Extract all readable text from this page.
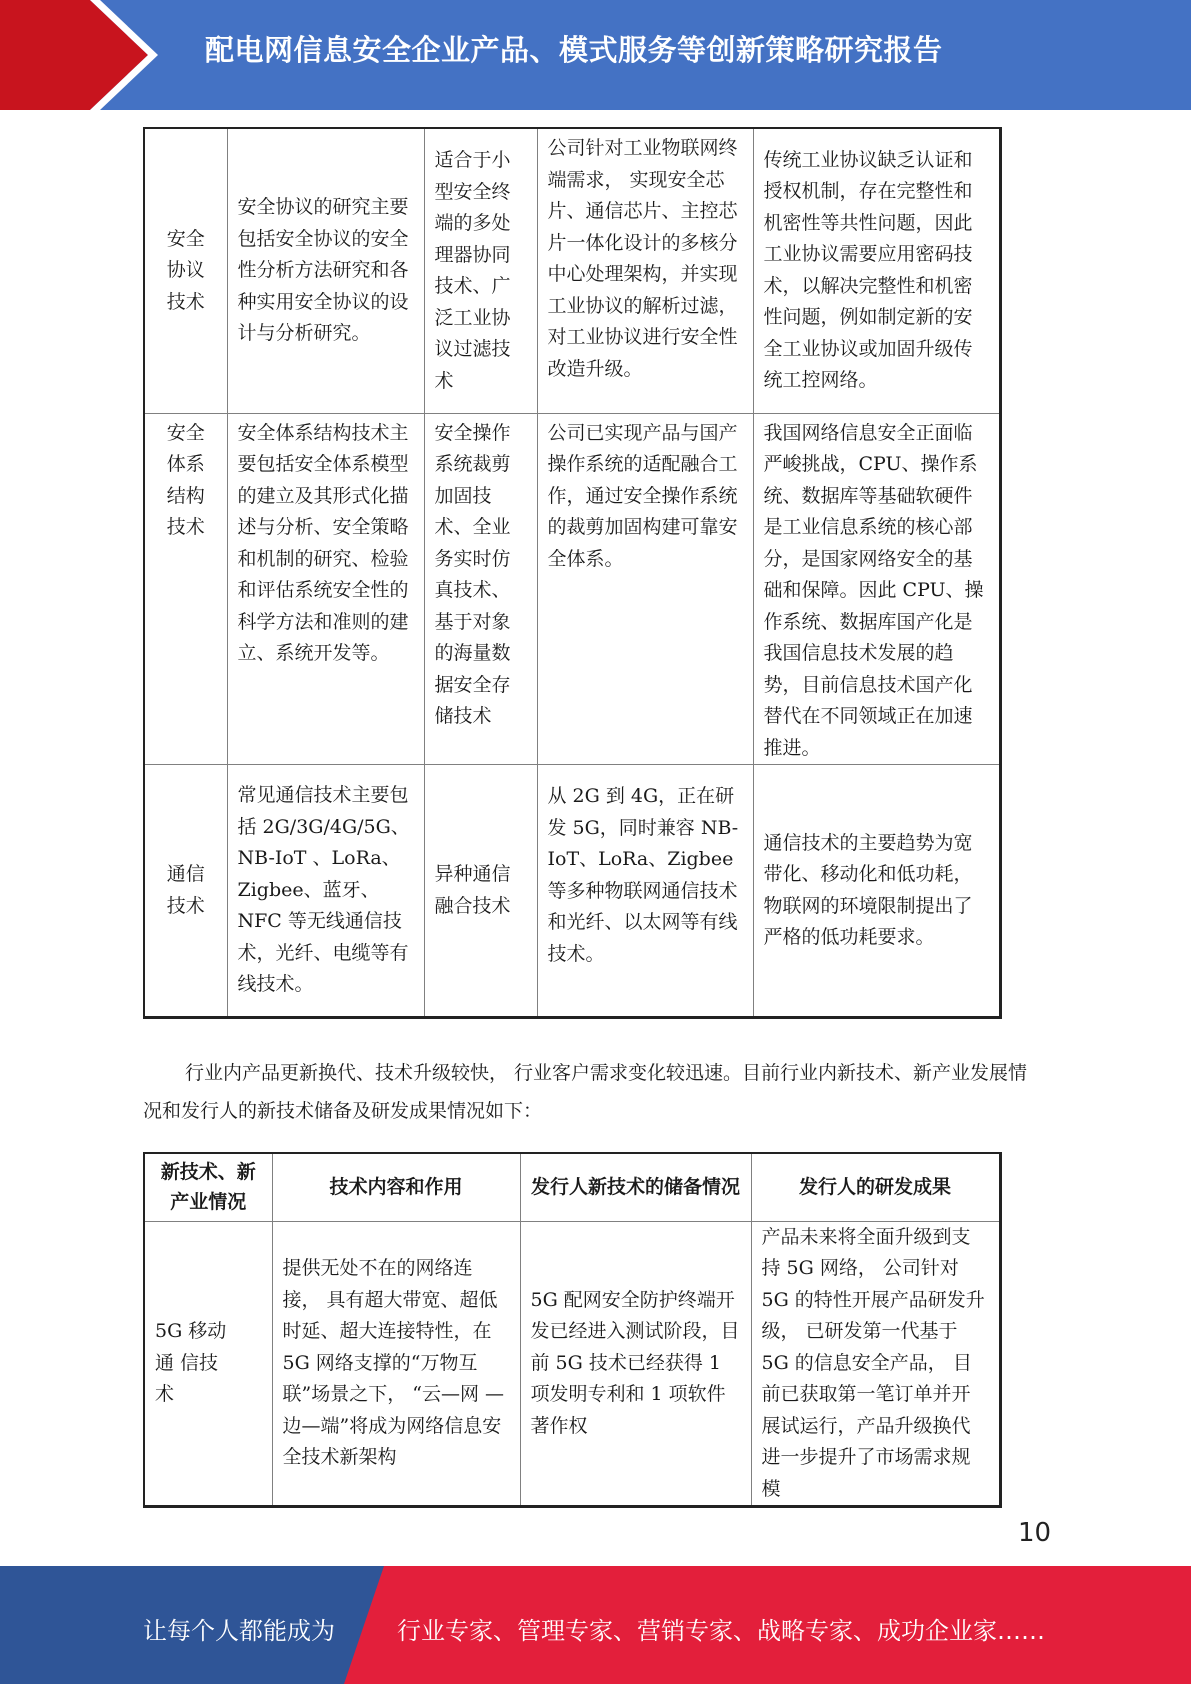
配电网信息安全企业产品、模式服务等创新策略研究报告
安全
协议
技术	安全协议的研究主要包括安全协议的安全性分析方法研究和各种实用安全协议的设计与分析研究。	适合于小型安全终端的多处理器协同技术、广泛工业协议过滤技术	公司针对工业物联网终端需求， 实现安全芯片、通信芯片、主控芯片一体化设计的多核分中心处理架构，并实现工业协议的解析过滤，对工业协议进行安全性改造升级。	传统工业协议缺乏认证和授权机制，存在完整性和机密性等共性问题，因此工业协议需要应用密码技术，以解决完整性和机密性问题，例如制定新的安全工业协议或加固升级传统工控网络。
安全
体系
结构
技术	安全体系结构技术主要包括安全体系模型的建立及其形式化描述与分析、安全策略和机制的研究、检验和评估系统安全性的科学方法和准则的建立、系统开发等。	安全操作系统裁剪加固技术、全业务实时仿真技术、基于对象的海量数据安全存储技术	公司已实现产品与国产操作系统的适配融合工作，通过安全操作系统的裁剪加固构建可靠安全体系。	我国网络信息安全正面临严峻挑战，CPU、操作系统、数据库等基础软硬件是工业信息系统的核心部分，是国家网络安全的基础和保障。因此 CPU、操作系统、数据库国产化是我国信息技术发展的趋势，目前信息技术国产化替代在不同领域正在加速推进。
通信
技术	常见通信技术主要包括 2G/3G/4G/5G、NB-IoT 、LoRa、Zigbee、蓝牙、 NFC 等无线通信技术，光纤、电缆等有线技术。	异种通信融合技术	从 2G 到 4G，正在研发 5G，同时兼容 NB-IoT、LoRa、Zigbee 等多种物联网通信技术和光纤、以太网等有线技术。	通信技术的主要趋势为宽带化、移动化和低功耗，物联网的环境限制提出了严格的低功耗要求。
行业内产品更新换代、技术升级较快， 行业客户需求变化较迅速。目前行业内新技术、新产业发展情况和发行人的新技术储备及研发成果情况如下：
新技术、新产业情况	技术内容和作用	发行人新技术的储备情况	发行人的研发成果
5G 移动
通 信技
术	提供无处不在的网络连接， 具有超大带宽、超低时延、超大连接特性，在 5G 网络支撑的“万物互联”场景之下， “云—网 —边—端”将成为网络信息安全技术新架构	5G 配网安全防护终端开发已经进入测试阶段，目前 5G 技术已经获得 1 项发明专利和 1 项软件著作权	产品未来将全面升级到支持 5G 网络， 公司针对 5G 的特性开展产品研发升级， 已研发第一代基于 5G 的信息安全产品， 目前已获取第一笔订单并开展试运行，产品升级换代进一步提升了市场需求规模
10
让每个人都能成为	行业专家、管理专家、营销专家、战略专家、成功企业家……
